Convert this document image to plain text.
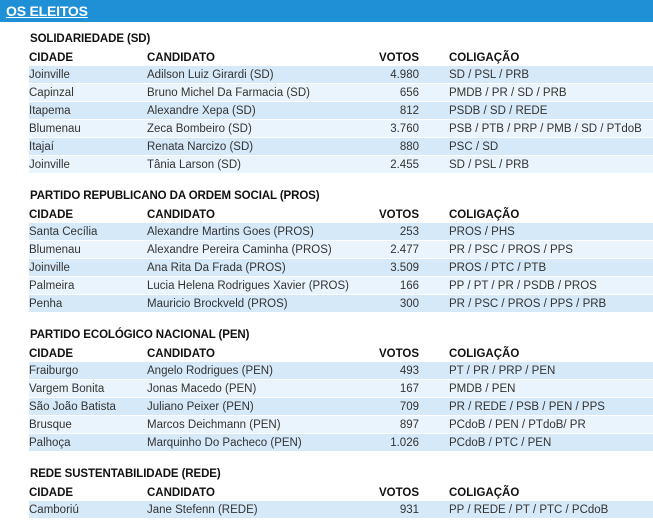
OS ELEITOS
SOLIDARIEDADE (SD)
CIDADE	CANDIDATO	VOTOS	COLIGAÇÃO
Joinville	Adilson Luiz Girardi (SD)	4.980	SD / PSL / PRB
Capinzal	Bruno Michel Da Farmacia (SD)	656	PMDB / PR / SD / PRB
Itapema	Alexandre Xepa (SD)	812	PSDB / SD / REDE
Blumenau	Zeca Bombeiro (SD)	3.760	PSB / PTB / PRP / PMB / SD / PTdoB
Itajaí	Renata Narcizo (SD)	880	PSC / SD
Joinville	Tânia Larson (SD)	2.455	SD / PSL / PRB
PARTIDO REPUBLICANO DA ORDEM SOCIAL (PROS)
CIDADE	CANDIDATO	VOTOS	COLIGAÇÃO
Santa Cecília	Alexandre Martins Goes (PROS)	253	PROS / PHS
Blumenau	Alexandre Pereira Caminha (PROS)	2.477	PR / PSC / PROS / PPS
Joinville	Ana Rita Da Frada (PROS)	3.509	PROS / PTC / PTB
Palmeira	Lucia Helena Rodrigues Xavier (PROS)	166	PP / PT / PR / PSDB / PROS
Penha	Mauricio Brockveld (PROS)	300	PR / PSC / PROS / PPS / PRB
PARTIDO ECOLÓGICO NACIONAL (PEN)
CIDADE	CANDIDATO	VOTOS	COLIGAÇÃO
Fraiburgo	Angelo Rodrigues (PEN)	493	PT / PR / PRP / PEN
Vargem Bonita	Jonas Macedo (PEN)	167	PMDB / PEN
São João Batista	Juliano Peixer (PEN)	709	PR / REDE / PSB / PEN / PPS
Brusque	Marcos Deichmann (PEN)	897	PCdoB / PEN / PTdoB/ PR
Palhoça	Marquinho Do Pacheco (PEN)	1.026	PCdoB / PTC / PEN
REDE SUSTENTABILIDADE (REDE)
CIDADE	CANDIDATO	VOTOS	COLIGAÇÃO
Camboriú	Jane Stefenn (REDE)	931	PP / REDE / PT / PTC / PCdoB
